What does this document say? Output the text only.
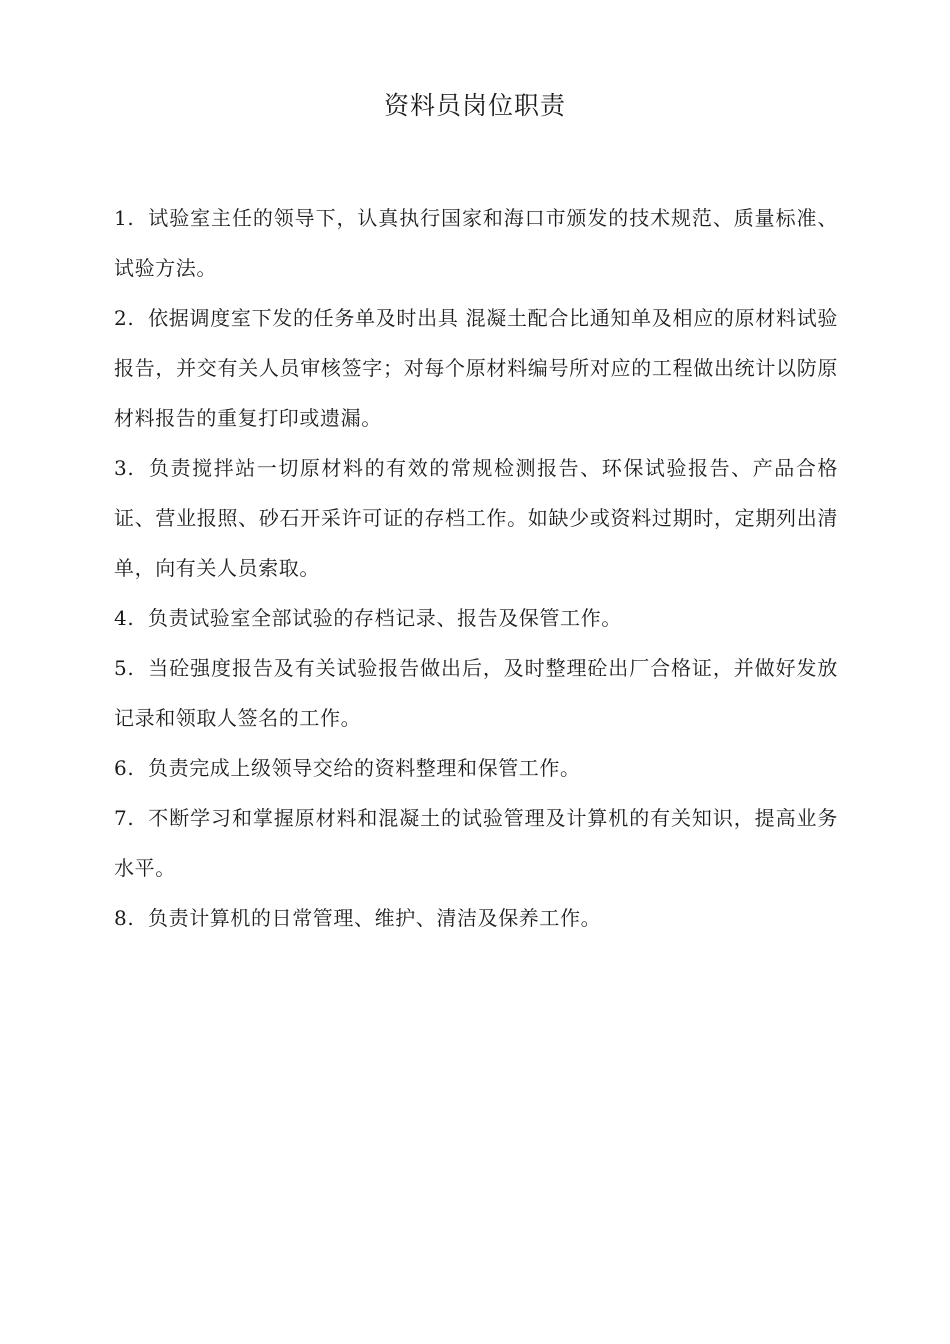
资料员岗位职责
1. 试验室主任的领导下，认真执行国家和海口市颁发的技术规范、质量标准、试验方法。
2. 依据调度室下发的任务单及时出具 混凝土配合比通知单及相应的原材料试验报告，并交有关人员审核签字；对每个原材料编号所对应的工程做出统计以防原材料报告的重复打印或遗漏。
3. 负责搅拌站一切原材料的有效的常规检测报告、环保试验报告、产品合格证、营业报照、砂石开采许可证的存档工作。如缺少或资料过期时，定期列出清单，向有关人员索取。
4. 负责试验室全部试验的存档记录、报告及保管工作。
5. 当砼强度报告及有关试验报告做出后，及时整理砼出厂合格证，并做好发放记录和领取人签名的工作。
6. 负责完成上级领导交给的资料整理和保管工作。
7. 不断学习和掌握原材料和混凝土的试验管理及计算机的有关知识，提高业务水平。
8. 负责计算机的日常管理、维护、清洁及保养工作。
